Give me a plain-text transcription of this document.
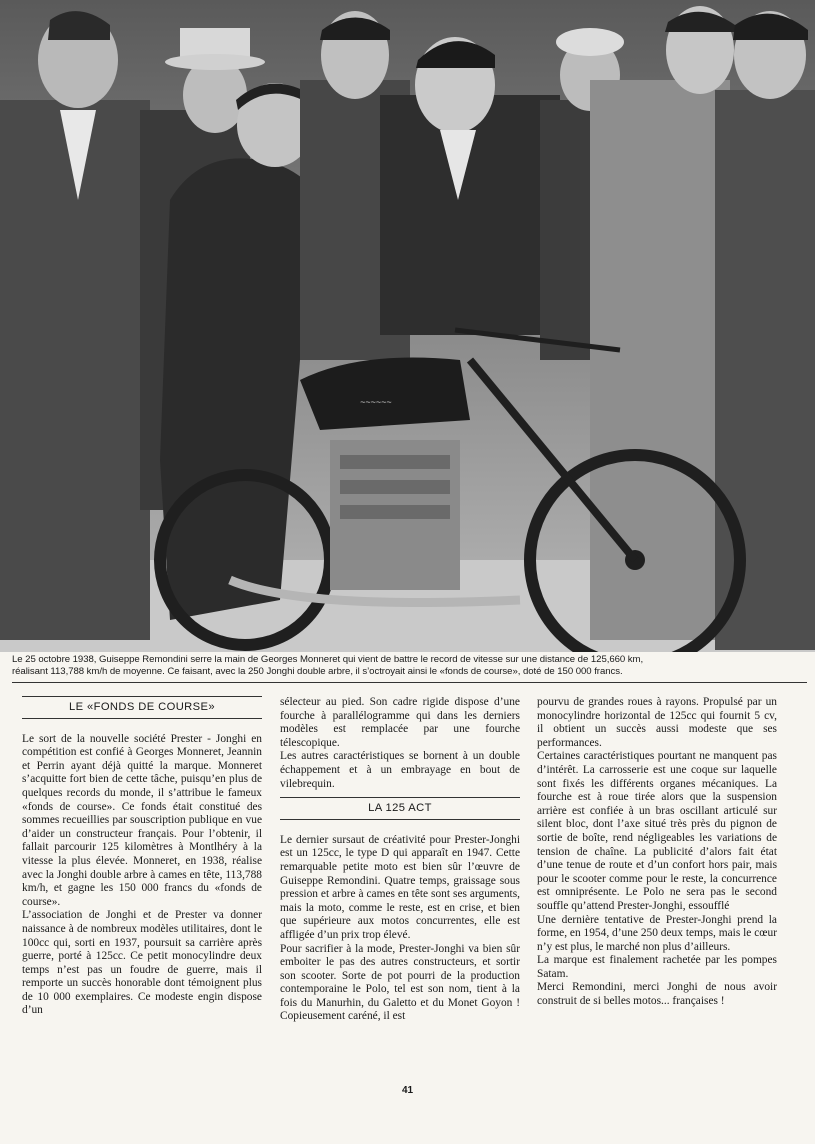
~~~~~~
Le 25 octobre 1938, Guiseppe Remondini serre la main de Georges Monneret qui vient de battre le record de vitesse sur une distance de 125,660 km,
réalisant 113,788 km/h de moyenne. Ce faisant, avec la 250 Jonghi double arbre, il s’octroyait ainsi le «fonds de course», doté de 150 000 francs.
LE «FONDS DE COURSE»

Le sort de la nouvelle société Prester - Jonghi en compétition est confié à Georges Monneret, Jeannin et Perrin ayant déjà quitté la marque. Monneret s’acquitte fort bien de cette tâche, puisqu’en plus de quelques records du monde, il s’attribue le fameux «fonds de course». Ce fonds était constitué des sommes recueillies par souscription publique en vue d’aider un constructeur français. Pour l’obtenir, il fallait parcourir 125 kilomètres à Montlhéry à la vitesse la plus élevée. Monneret, en 1938, réalise avec la Jonghi double arbre à cames en tête, 113,788 km/h, et gagne les 150 000 francs du «fonds de course».

L’association de Jonghi et de Prester va donner naissance à de nombreux modèles utilitaires, dont le 100cc qui, sorti en 1937, poursuit sa carrière après guerre, porté à 125cc. Ce petit monocylindre deux temps n’est pas un foudre de guerre, mais il remporte un succès honorable dont témoignent plus de 10 000 exemplaires. Ce modeste engin dispose d’un

sélecteur au pied. Son cadre rigide dispose d’une fourche à parallélogramme qui dans les derniers modèles est remplacée par une fourche télescopique.

Les autres caractéristiques se bornent à un double échappement et à un embrayage en bout de vilebrequin.

LA 125 ACT

Le dernier sursaut de créativité pour Prester-Jonghi est un 125cc, le type D qui apparaît en 1947. Cette remarquable petite moto est bien sûr l’œuvre de Guiseppe Remondini. Quatre temps, graissage sous pression et arbre à cames en tête sont ses arguments, mais la moto, comme le reste, est en crise, et bien que supérieure aux motos concurrentes, elle est affligée d’un prix trop élevé.

Pour sacrifier à la mode, Prester-Jonghi va bien sûr emboiter le pas des autres constructeurs, et sortir son scooter. Sorte de pot pourri de la production contemporaine le Polo, tel est son nom, tient à la fois du Manurhin, du Galetto et du Monet Goyon ! Copieusement caréné, il est

pourvu de grandes roues à rayons. Propulsé par un monocylindre horizontal de 125cc qui fournit 5 cv, il obtient un succès aussi modeste que ses performances.

Certaines caractéristiques pourtant ne manquent pas d’intérêt. La carrosserie est une coque sur laquelle sont fixés les différents organes mécaniques. La fourche est à roue tirée alors que la suspension arrière est confiée à un bras oscillant articulé sur silent bloc, dont l’axe situé très près du pignon de sortie de boîte, rend négligeables les variations de tension de chaîne. La publicité d’alors fait état d’une tenue de route et d’un confort hors pair, mais pour le scooter comme pour le reste, la concurrence est omniprésente. Le Polo ne sera pas le second souffle qu’attend Prester-Jonghi, essoufflé

Une dernière tentative de Prester-Jonghi prend la forme, en 1954, d’une 250 deux temps, mais le cœur n’y est plus, le marché non plus d’ailleurs.

La marque est finalement rachetée par les pompes Satam.

Merci Remondini, merci Jonghi de nous avoir construit de si belles motos... françaises !

41
